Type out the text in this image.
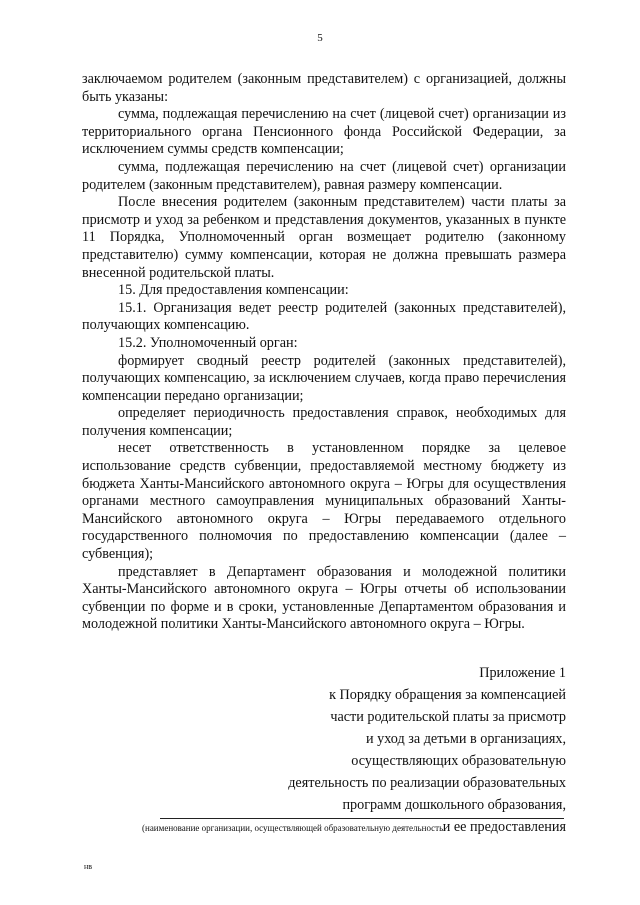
5

заключаемом родителем (законным представителем) с организацией, должны быть указаны:

сумма, подлежащая перечислению на счет (лицевой счет) организации из территориального органа Пенсионного фонда Российской Федерации, за исключением суммы средств компенсации;

сумма, подлежащая перечислению на счет (лицевой счет) организации родителем (законным представителем), равная размеру компенсации.

После внесения родителем (законным представителем) части платы за присмотр и уход за ребенком и представления документов, указанных в пункте 11 Порядка, Уполномоченный орган возмещает родителю (законному представителю) сумму компенсации, которая не должна превышать размера внесенной родительской платы.

15. Для предоставления компенсации:

15.1. Организация ведет реестр родителей (законных представителей), получающих компенсацию.

15.2. Уполномоченный орган:

формирует сводный реестр родителей (законных представителей), получающих компенсацию, за исключением случаев, когда право перечисления компенсации передано организации;

определяет периодичность предоставления справок, необходимых для получения компенсации;

несет ответственность в установленном порядке за целевое использование средств субвенции, предоставляемой местному бюджету из бюджета Ханты-Мансийского автономного округа – Югры для осуществления органами местного самоуправления муниципальных образований Ханты-Мансийского автономного округа – Югры передаваемого отдельного государственного полномочия по предоставлению компенсации (далее – субвенция);

представляет в Департамент образования и молодежной политики Ханты-Мансийского автономного округа – Югры отчеты об использовании субвенции по форме и в сроки, установленные Департаментом образования и молодежной политики Ханты-Мансийского автономного округа – Югры.

Приложение 1
к Порядку обращения за компенсацией
части родительской платы за присмотр
и уход за детьми в организациях,
осуществляющих образовательную
деятельность по реализации образовательных
программ дошкольного образования,
и ее предоставления
(наименование организации, осуществляющей образовательную деятельность
нв
